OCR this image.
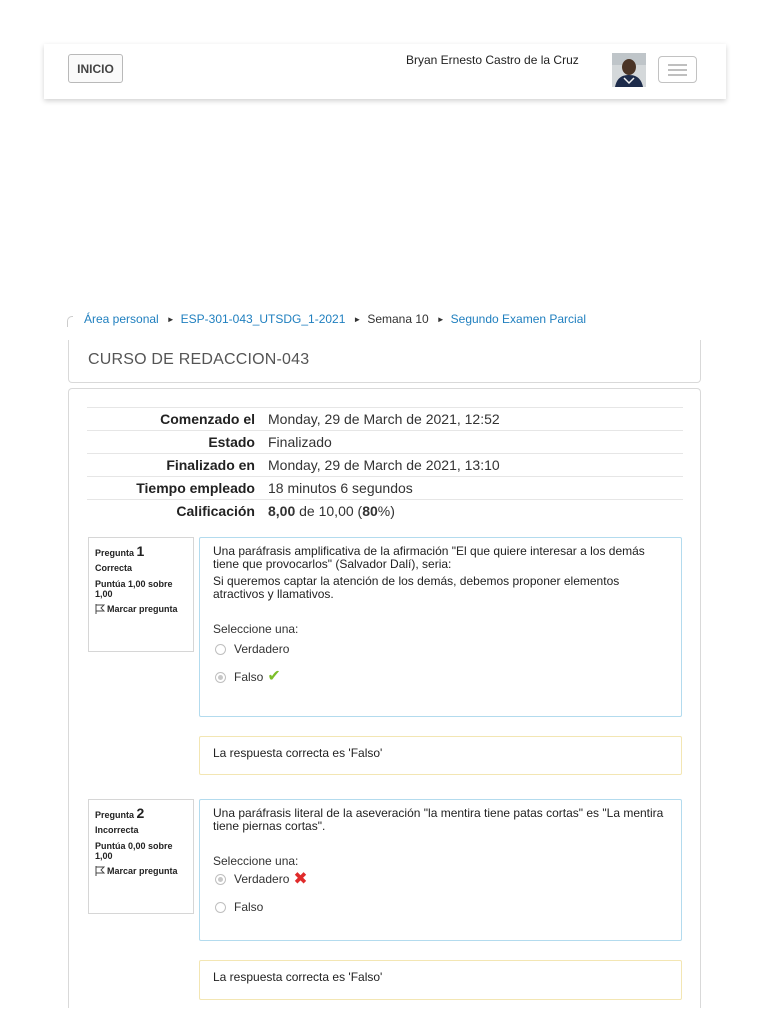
INICIO
Bryan Ernesto Castro de la Cruz
Área personal ► ESP-301-043_UTSDG_1-2021 ► Semana 10 ► Segundo Examen Parcial
CURSO DE REDACCION-043
Comenzado el	Monday, 29 de March de 2021, 12:52
Estado	Finalizado
Finalizado en	Monday, 29 de March de 2021, 13:10
Tiempo empleado	18 minutos 6 segundos
Calificación	8,00 de 10,00 (80%)
Pregunta 1
Correcta
Puntúa 1,00 sobre 1,00
Marcar pregunta
Una paráfrasis amplificativa de la afirmación "El que quiere interesar a los demás tiene que provocarlos" (Salvador Dalí), seria:
Si queremos captar la atención de los demás, debemos proponer elementos atractivos y llamativos.
Seleccione una:
Verdadero
Falso ✔
La respuesta correcta es 'Falso'
Pregunta 2
Incorrecta
Puntúa 0,00 sobre 1,00
Marcar pregunta
Una paráfrasis literal de la aseveración "la mentira tiene patas cortas" es "La mentira tiene piernas cortas".
Seleccione una:
Verdadero ✖
Falso
La respuesta correcta es 'Falso'
